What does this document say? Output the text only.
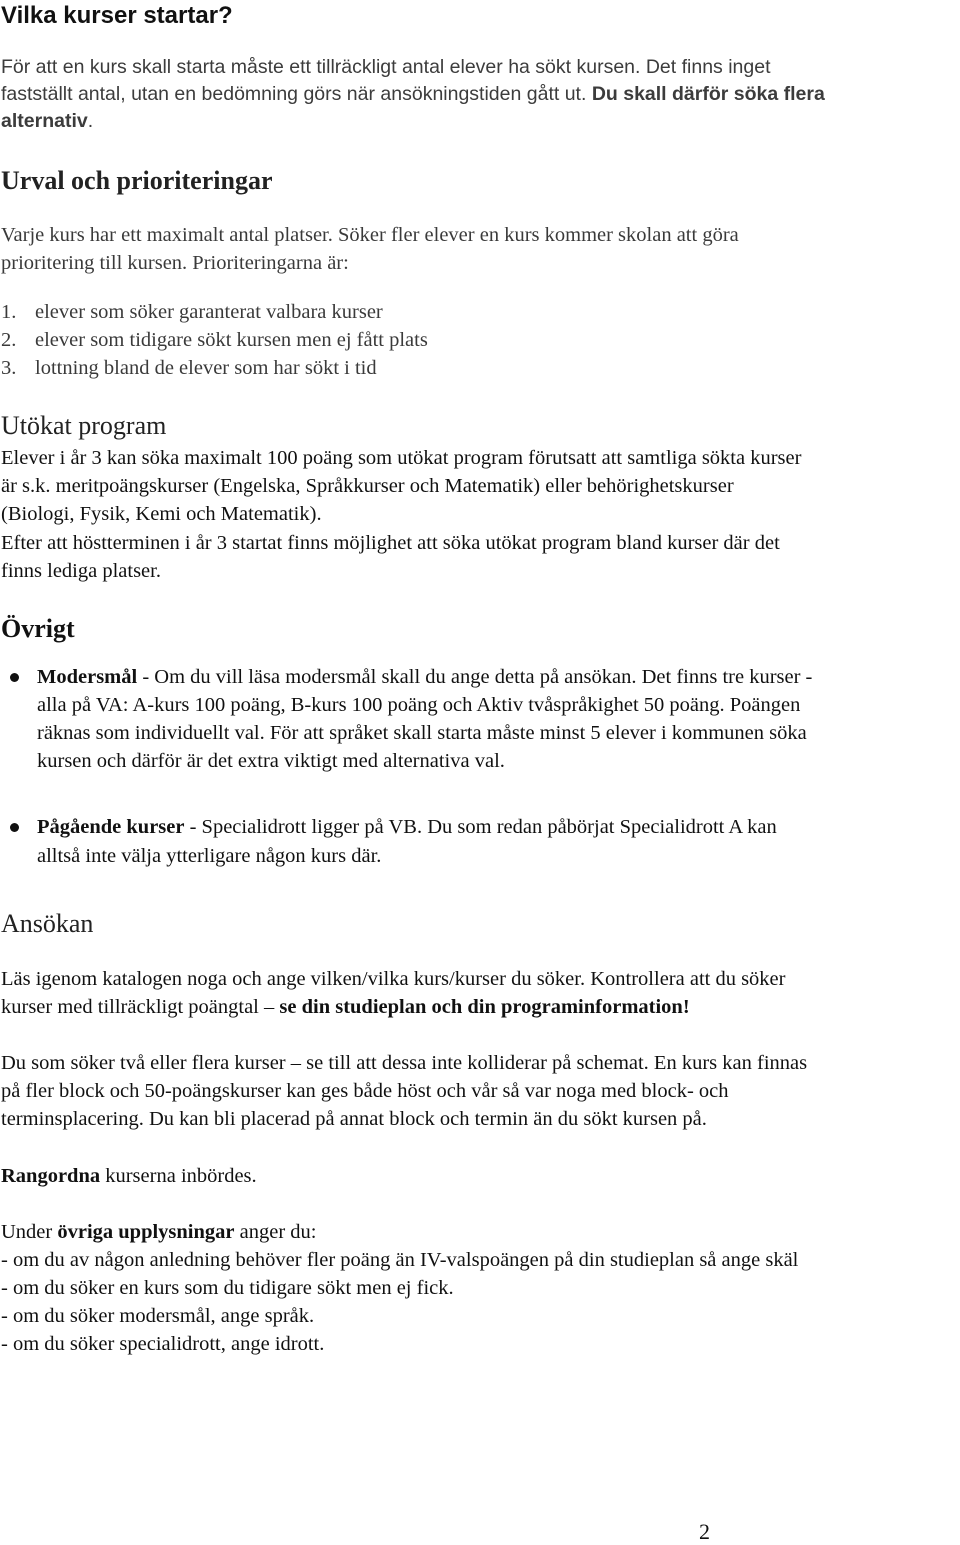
Vilka kurser startar?
För att en kurs skall starta måste ett tillräckligt antal elever ha sökt kursen. Det finns inget
fastställt antal, utan en bedömning görs när ansökningstiden gått ut. Du skall därför söka flera
alternativ.
Urval och prioriteringar
Varje kurs har ett maximalt antal platser. Söker fler elever en kurs kommer skolan att göra
prioritering till kursen. Prioriteringarna är:
1. elever som söker garanterat valbara kurser
2. elever som tidigare sökt kursen men ej fått plats
3. lottning bland de elever som har sökt i tid
Utökat program
Elever i år 3 kan söka maximalt 100 poäng som utökat program förutsatt att samtliga sökta kurser
är s.k. meritpoängskurser (Engelska, Språkkurser och Matematik) eller behörighetskurser
(Biologi, Fysik, Kemi och Matematik).
Efter att höstterminen i år 3 startat finns möjlighet att söka utökat program bland kurser där det
finns lediga platser.
Övrigt
Modersmål - Om du vill läsa modersmål skall du ange detta på ansökan. Det finns tre kurser -
alla på VA: A-kurs 100 poäng, B-kurs 100 poäng och Aktiv tvåspråkighet 50 poäng. Poängen
räknas som individuellt val. För att språket skall starta måste minst 5 elever i kommunen söka
kursen och därför är det extra viktigt med alternativa val.
Pågående kurser - Specialidrott ligger på VB. Du som redan påbörjat Specialidrott A kan
alltså inte välja ytterligare någon kurs där.
Ansökan
Läs igenom katalogen noga och ange vilken/vilka kurs/kurser du söker. Kontrollera att du söker
kurser med tillräckligt poängtal – se din studieplan och din programinformation!
Du som söker två eller flera kurser – se till att dessa inte kolliderar på schemat. En kurs kan finnas
på fler block och 50-poängskurser kan ges både höst och vår så var noga med block- och
terminsplacering. Du kan bli placerad på annat block och termin än du sökt kursen på.
Rangordna kurserna inbördes.
Under övriga upplysningar anger du:
- om du av någon anledning behöver fler poäng än IV-valspoängen på din studieplan så ange skäl
- om du söker en kurs som du tidigare sökt men ej fick.
- om du söker modersmål, ange språk.
- om du söker specialidrott, ange idrott.
2
